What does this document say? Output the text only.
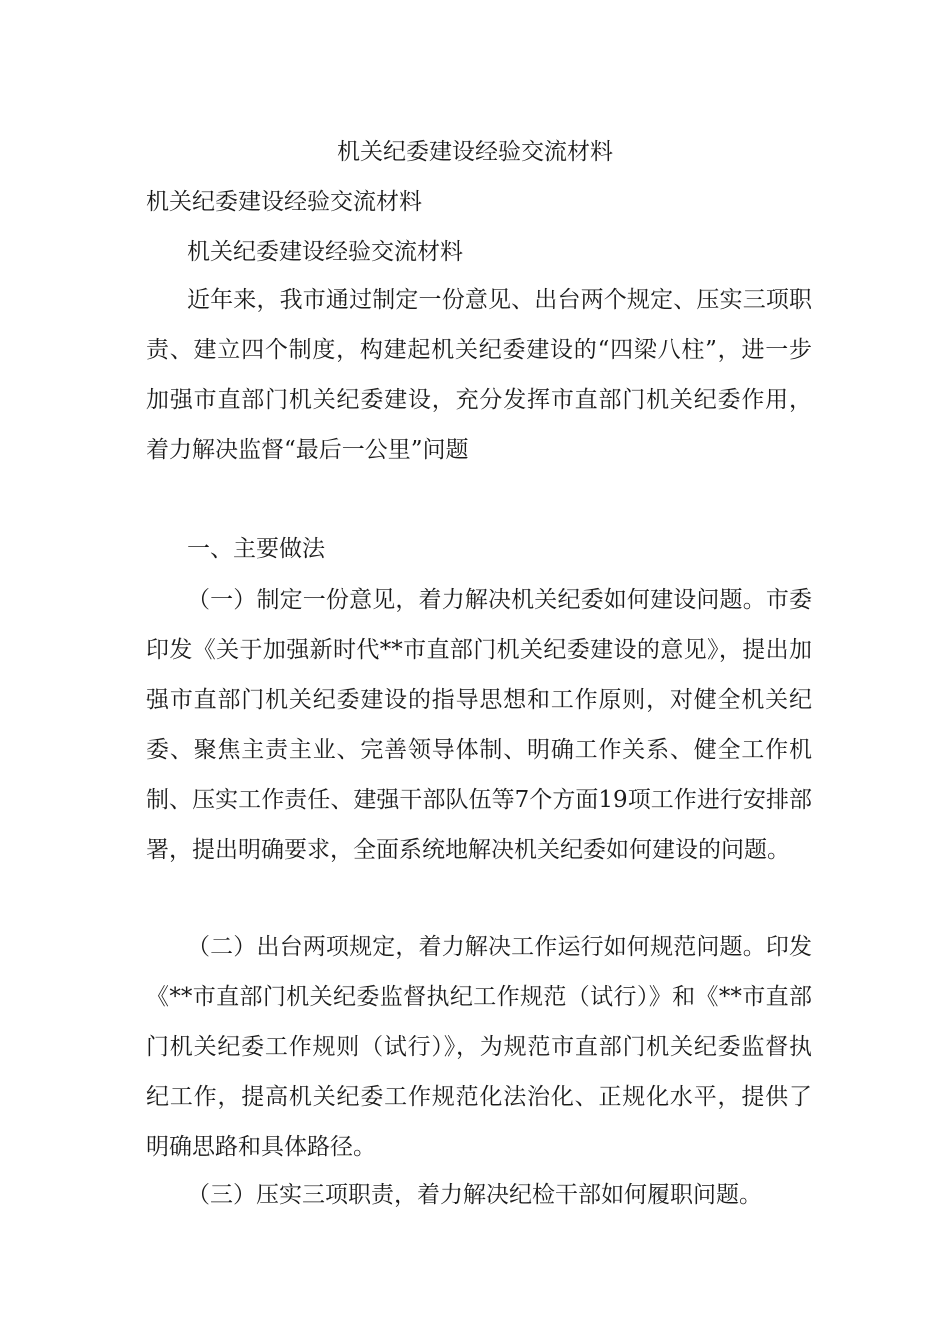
机关纪委建设经验交流材料

机关纪委建设经验交流材料

机关纪委建设经验交流材料

近年来，我市通过制定一份意见、出台两个规定、压实三项职责、建立四个制度，构建起机关纪委建设的“四梁八柱”，进一步加强市直部门机关纪委建设，充分发挥市直部门机关纪委作用，着力解决监督“最后一公里”问题

一、主要做法

（一）制定一份意见，着力解决机关纪委如何建设问题。市委印发《关于加强新时代**市直部门机关纪委建设的意见》，提出加强市直部门机关纪委建设的指导思想和工作原则，对健全机关纪委、聚焦主责主业、完善领导体制、明确工作关系、健全工作机制、压实工作责任、建强干部队伍等7个方面19项工作进行安排部署，提出明确要求，全面系统地解决机关纪委如何建设的问题。

（二）出台两项规定，着力解决工作运行如何规范问题。印发《**市直部门机关纪委监督执纪工作规范（试行）》和《**市直部门机关纪委工作规则（试行）》，为规范市直部门机关纪委监督执纪工作，提高机关纪委工作规范化法治化、正规化水平，提供了明确思路和具体路径。

（三）压实三项职责，着力解决纪检干部如何履职问题。
